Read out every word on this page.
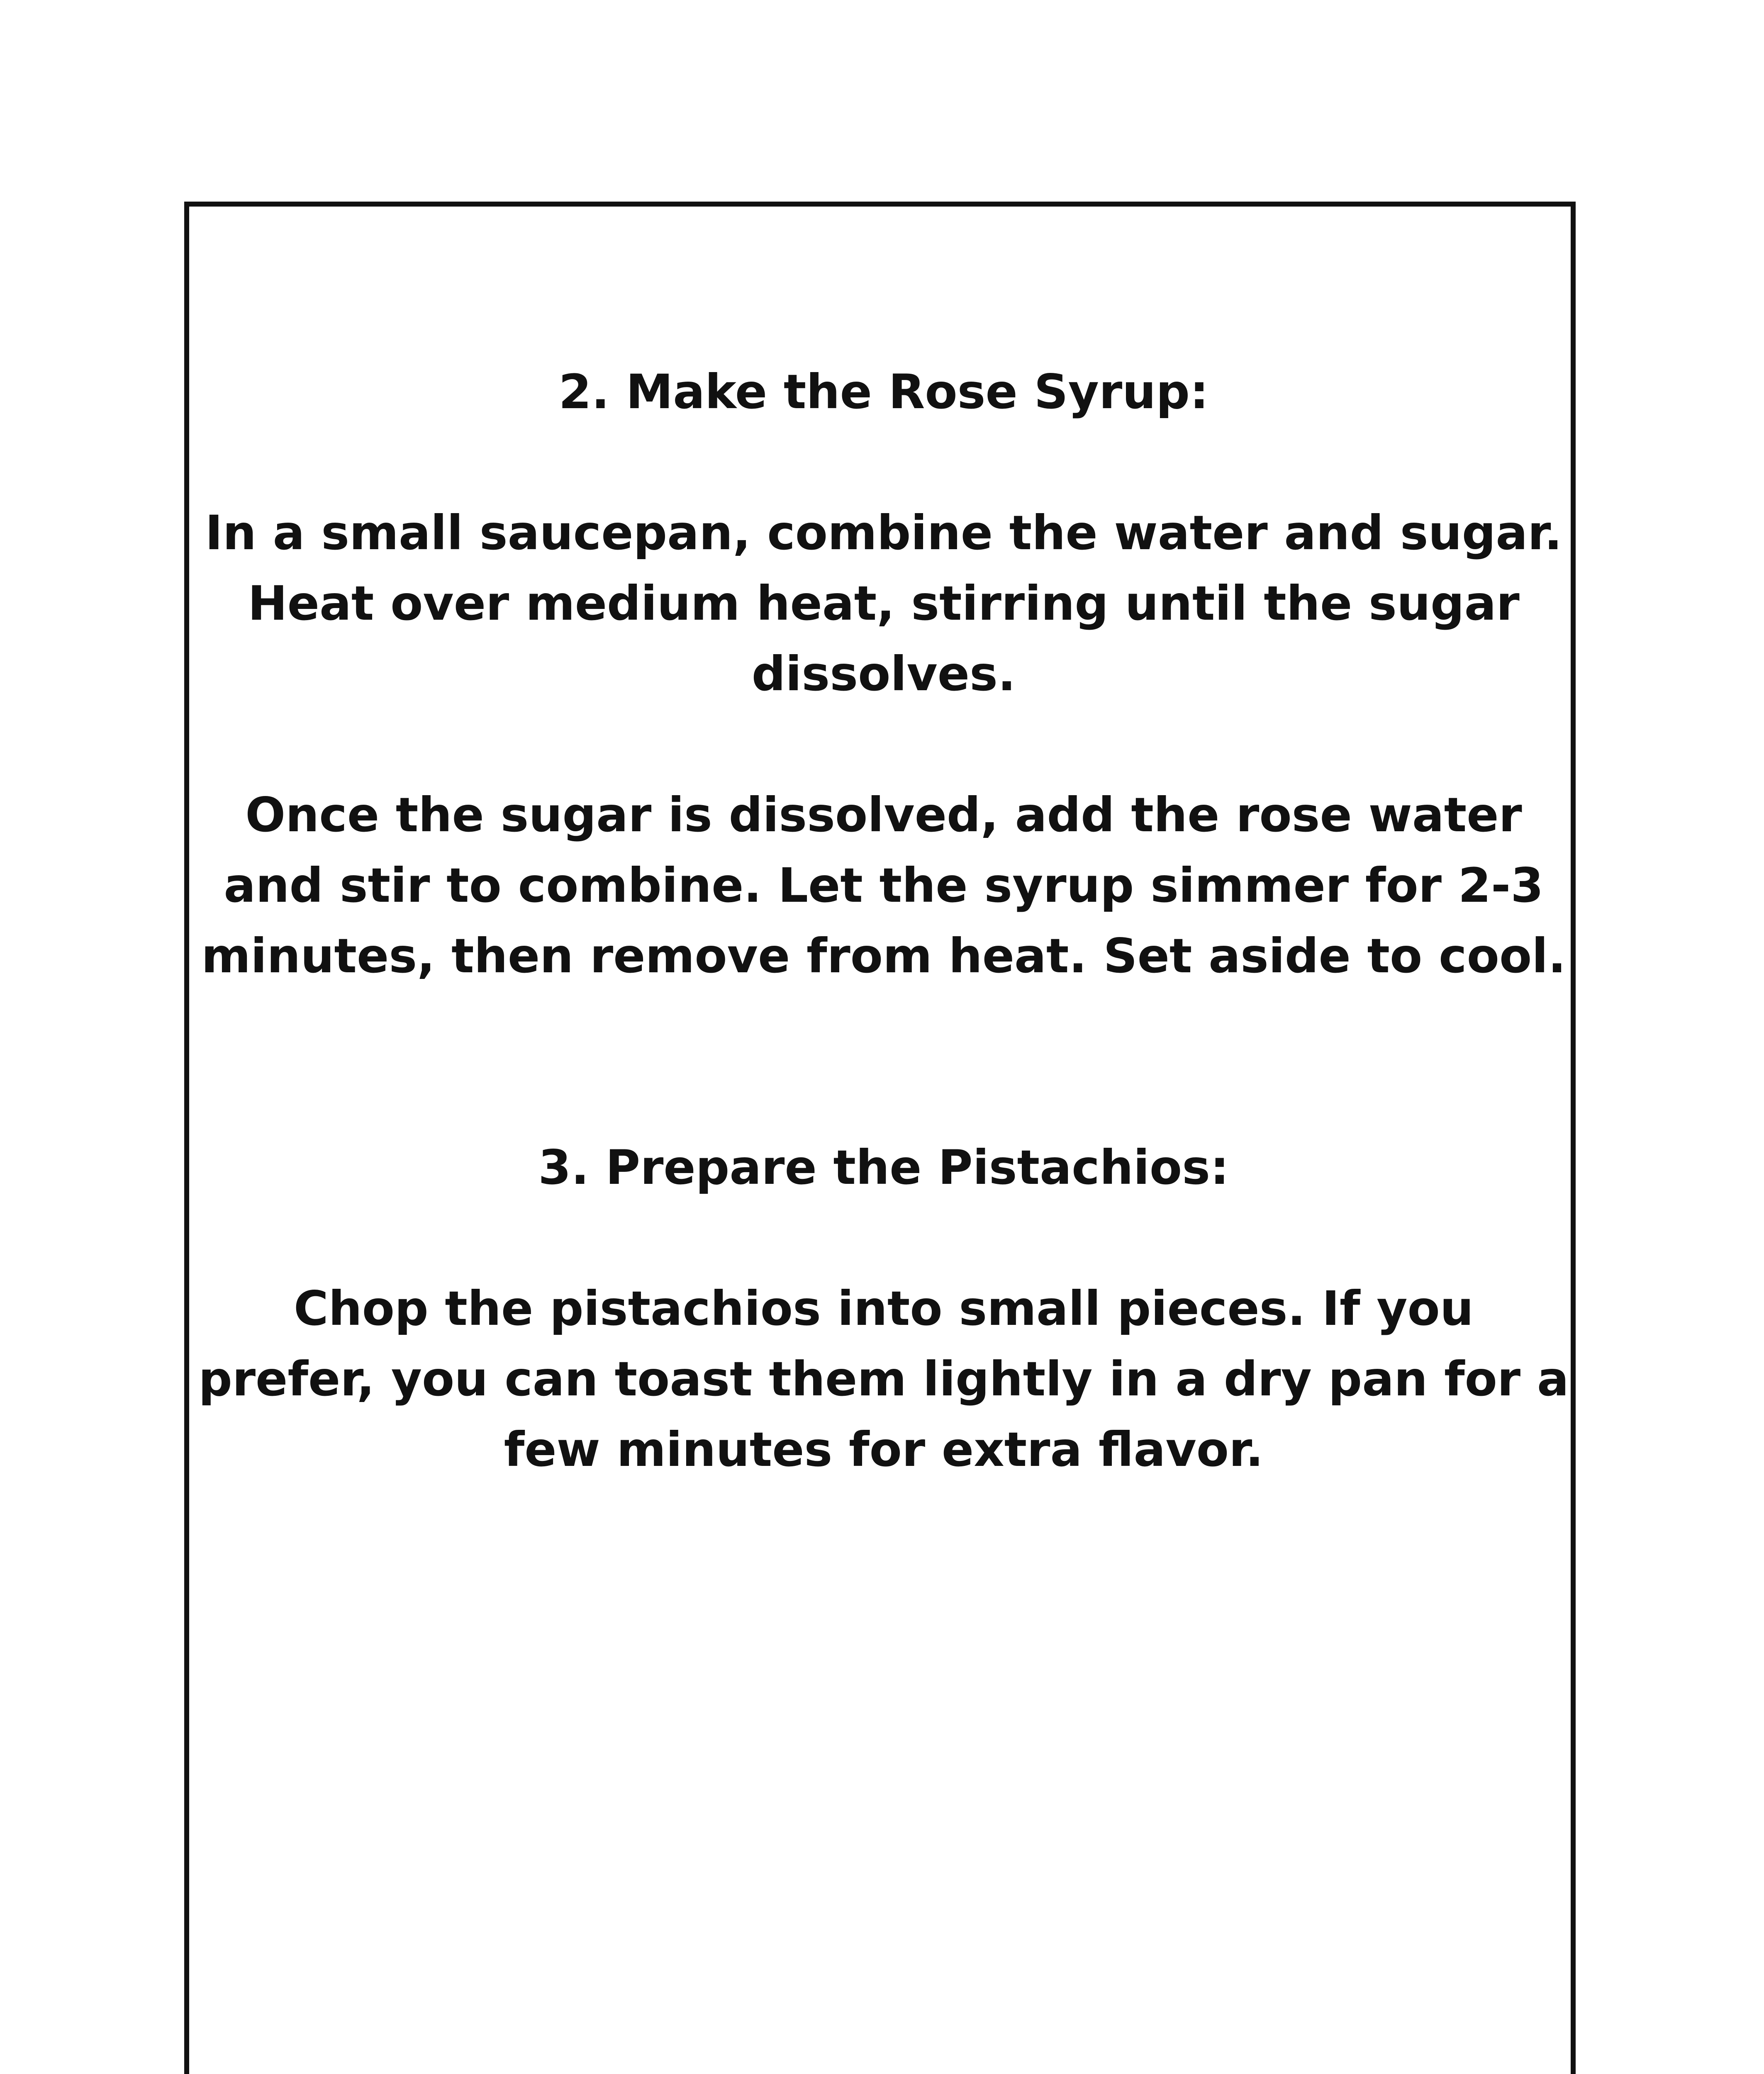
2. Make the Rose Syrup:

In a small saucepan, combine the water and sugar.
Heat over medium heat, stirring until the sugar
dissolves.

Once the sugar is dissolved, add the rose water
and stir to combine. Let the syrup simmer for 2-3
minutes, then remove from heat. Set aside to cool.

3. Prepare the Pistachios:

Chop the pistachios into small pieces. If you
prefer, you can toast them lightly in a dry pan for a
few minutes for extra flavor.
